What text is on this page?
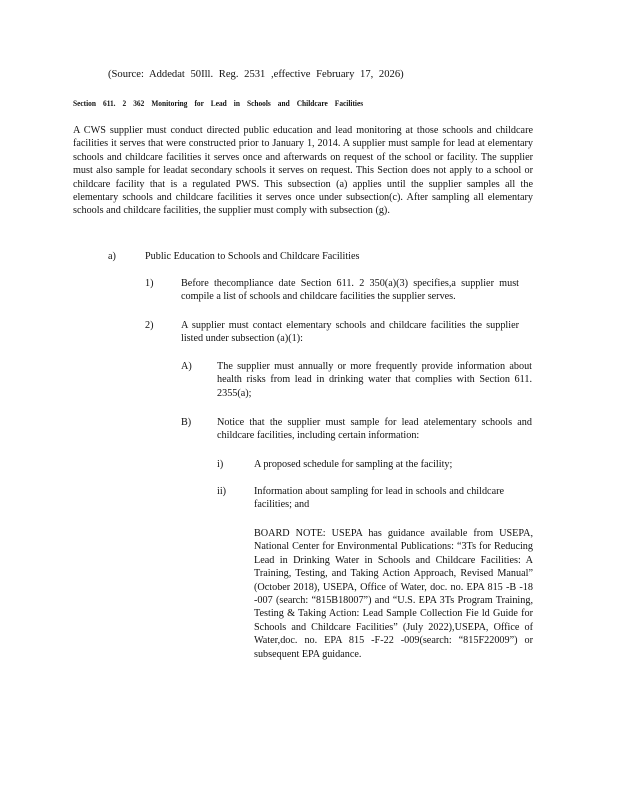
(Source: Addedat 50Ill. Reg. 2531 ,effective February 17, 2026)
Section 611. 2 362 Monitoring for Lead in Schools and Childcare Facilities
A CWS supplier must conduct directed public education and lead monitoring at those schools and childcare facilities it serves that were constructed prior to January 1, 2014. A supplier must sample for lead at elementary schools and childcare facilities it serves once and afterwards on request of the school or facility. The supplier must also sample for leadat secondary schools it serves on request. This Section does not apply to a school or childcare facility that is a regulated PWS. This subsection (a) applies until the supplier samples all the elementary schools and childcare facilities it serves once under subsection(c). After sampling all elementary schools and childcare facilities, the supplier must comply with subsection (g).
a)	Public Education to Schools and Childcare Facilities
1)	Before thecompliance date Section 611. 2 350(a)(3) specifies,a supplier must compile a list of schools and childcare facilities the supplier serves.
2)	A supplier must contact elementary schools and childcare facilities the supplier listed under subsection (a)(1):
A) The supplier must annually or more frequently provide information about health risks from lead in drinking water that complies with Section 611. 2355(a);
B)	Notice that the supplier must sample for lead atelementary schools and childcare facilities, including certain information:
i)	A proposed schedule for sampling at the facility;
ii)	Information about sampling for lead in schools and childcare facilities; and
BOARD NOTE: USEPA has guidance available from USEPA, National Center for Environmental Publications: “3Ts for Reducing Lead in Drinking Water in Schools and Childcare Facilities: A Training, Testing, and Taking Action Approach, Revised Manual” (October 2018), USEPA, Office of Water, doc. no. EPA 815 -B -18 -007 (search: “815B18007”) and “U.S. EPA 3Ts Program Training, Testing & Taking Action: Lead Sample Collection Fie ld Guide for Schools and Childcare Facilities” (July 2022),USEPA, Office of Water,doc. no. EPA 815 -F-22 -009(search: “815F22009”) or subsequent EPA guidance.
